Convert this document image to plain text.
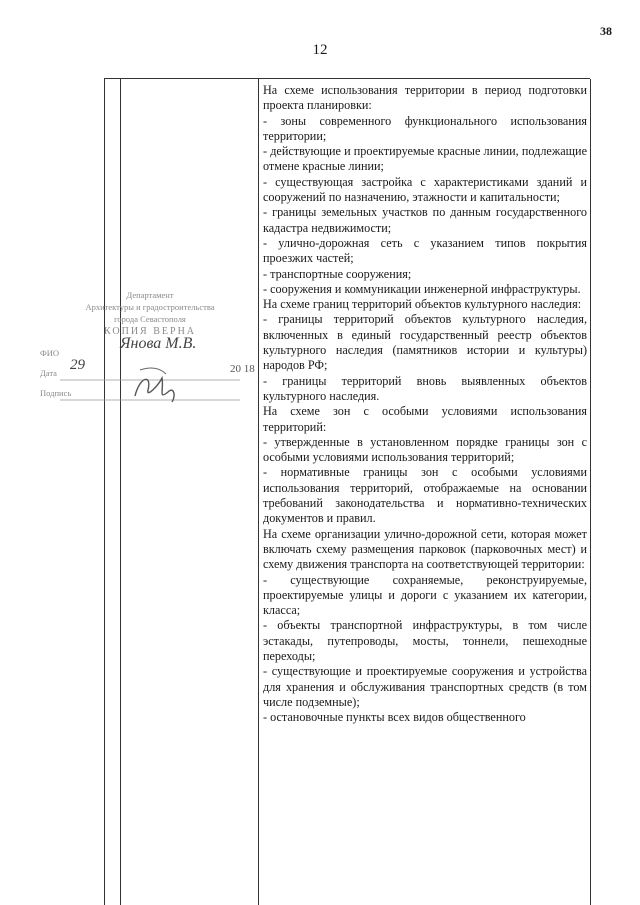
38
12

На схеме использования территории в период подготовки проекта планировки:

- зоны современного функционального использования территории;

- действующие и проектируемые красные линии, подлежащие отмене красные линии;

- существующая застройка с характеристиками зданий и сооружений по назначению, этажности и капитальности;

- границы земельных участков по данным государственного кадастра недвижимости;

- улично-дорожная сеть с указанием типов покрытия проезжих частей;

- транспортные сооружения;

- сооружения и коммуникации инженерной инфраструктуры.

На схеме границ территорий объектов культурного наследия:

- границы территорий объектов культурного наследия, включенных в единый государственный реестр объектов культурного наследия (памятников истории и культуры) народов РФ;

- границы территорий вновь выявленных объектов культурного наследия.

На схеме зон с особыми условиями использования территорий:

- утвержденные в установленном порядке границы зон с особыми условиями использования территорий;

- нормативные границы зон с особыми условиями использования территорий, отображаемые на основании требований законодательства и нормативно-технических документов и правил.

На схеме организации улично-дорожной сети, которая может включать схему размещения парковок (парковочных мест) и схему движения транспорта на соответствующей территории:

- существующие сохраняемые, реконструируемые, проектируемые улицы и дороги с указанием их категории, класса;

- объекты транспортной инфраструктуры, в том числе эстакады, путепроводы, мосты, тоннели, пешеходные переходы;

- существующие и проектируемые сооружения и устройства для хранения и обслуживания транспортных средств (в том числе подземные);

- остановочные пункты всех видов общественного

Департамент
Архитектуры и градостроительства
города Севастополя
КОПИЯ ВЕРНА
ФИО
Янова М.В.
Дата 29	20 18
Подпись
